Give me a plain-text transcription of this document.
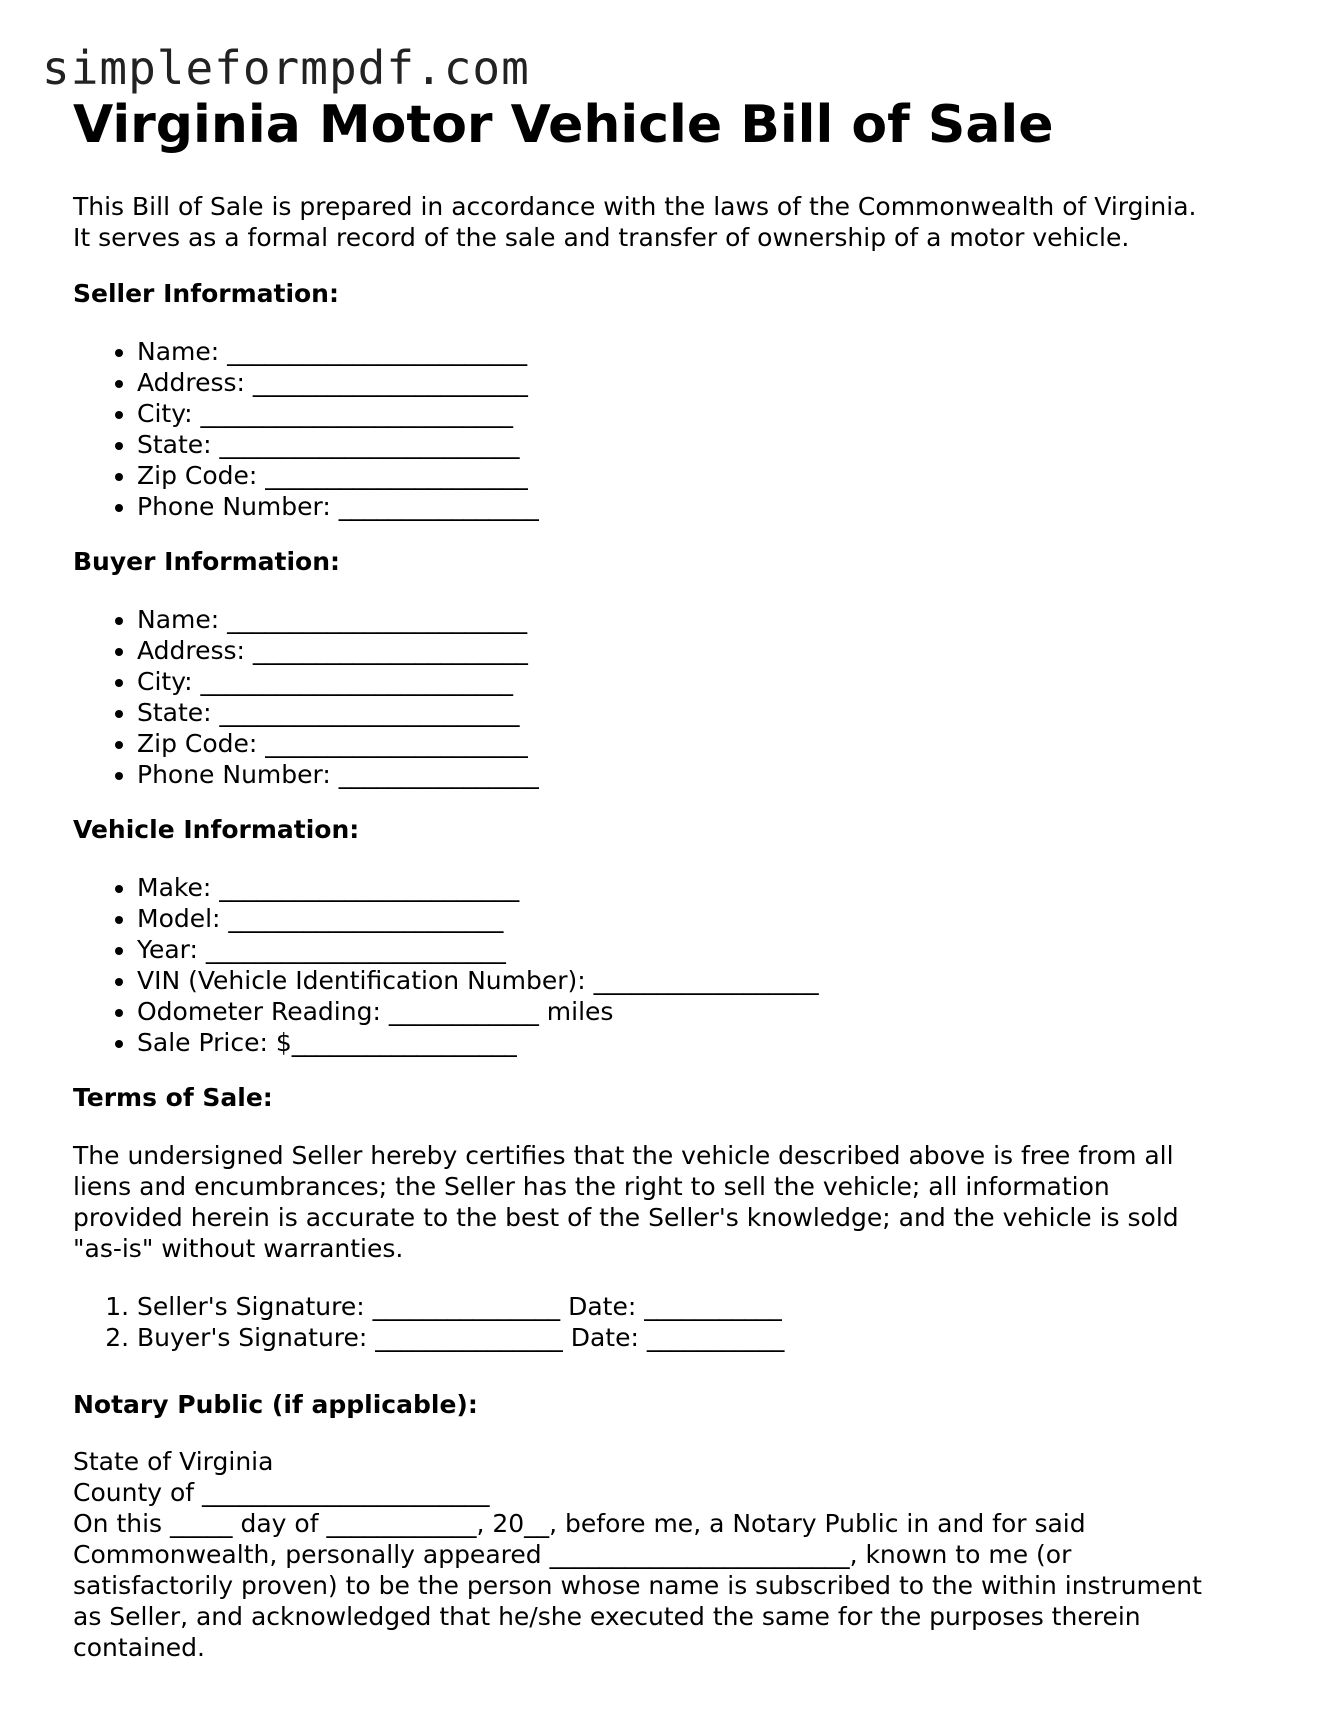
simpleformpdf.com
Virginia Motor Vehicle Bill of Sale

This Bill of Sale is prepared in accordance with the laws of the Commonwealth of Virginia.
It serves as a formal record of the sale and transfer of ownership of a motor vehicle.

Seller Information:
• Name: ________________________
• Address: ______________________
• City: _________________________
• State: ________________________
• Zip Code: _____________________
• Phone Number: ________________
Buyer Information:
• Name: ________________________
• Address: ______________________
• City: _________________________
• State: ________________________
• Zip Code: _____________________
• Phone Number: ________________
Vehicle Information:
• Make: ________________________
• Model: ______________________
• Year: ________________________
• VIN (Vehicle Identification Number): __________________
• Odometer Reading: ____________ miles
• Sale Price: $__________________
Terms of Sale:

The undersigned Seller hereby certifies that the vehicle described above is free from all
liens and encumbrances; the Seller has the right to sell the vehicle; all information
provided herein is accurate to the best of the Seller's knowledge; and the vehicle is sold
"as-is" without warranties.

1. Seller's Signature: _______________ Date: ___________
2. Buyer's Signature: _______________ Date: ___________
Notary Public (if applicable):

State of Virginia
County of _______________________
On this _____ day of ____________, 20__, before me, a Notary Public in and for said
Commonwealth, personally appeared ________________________, known to me (or
satisfactorily proven) to be the person whose name is subscribed to the within instrument
as Seller, and acknowledged that he/she executed the same for the purposes therein
contained.
